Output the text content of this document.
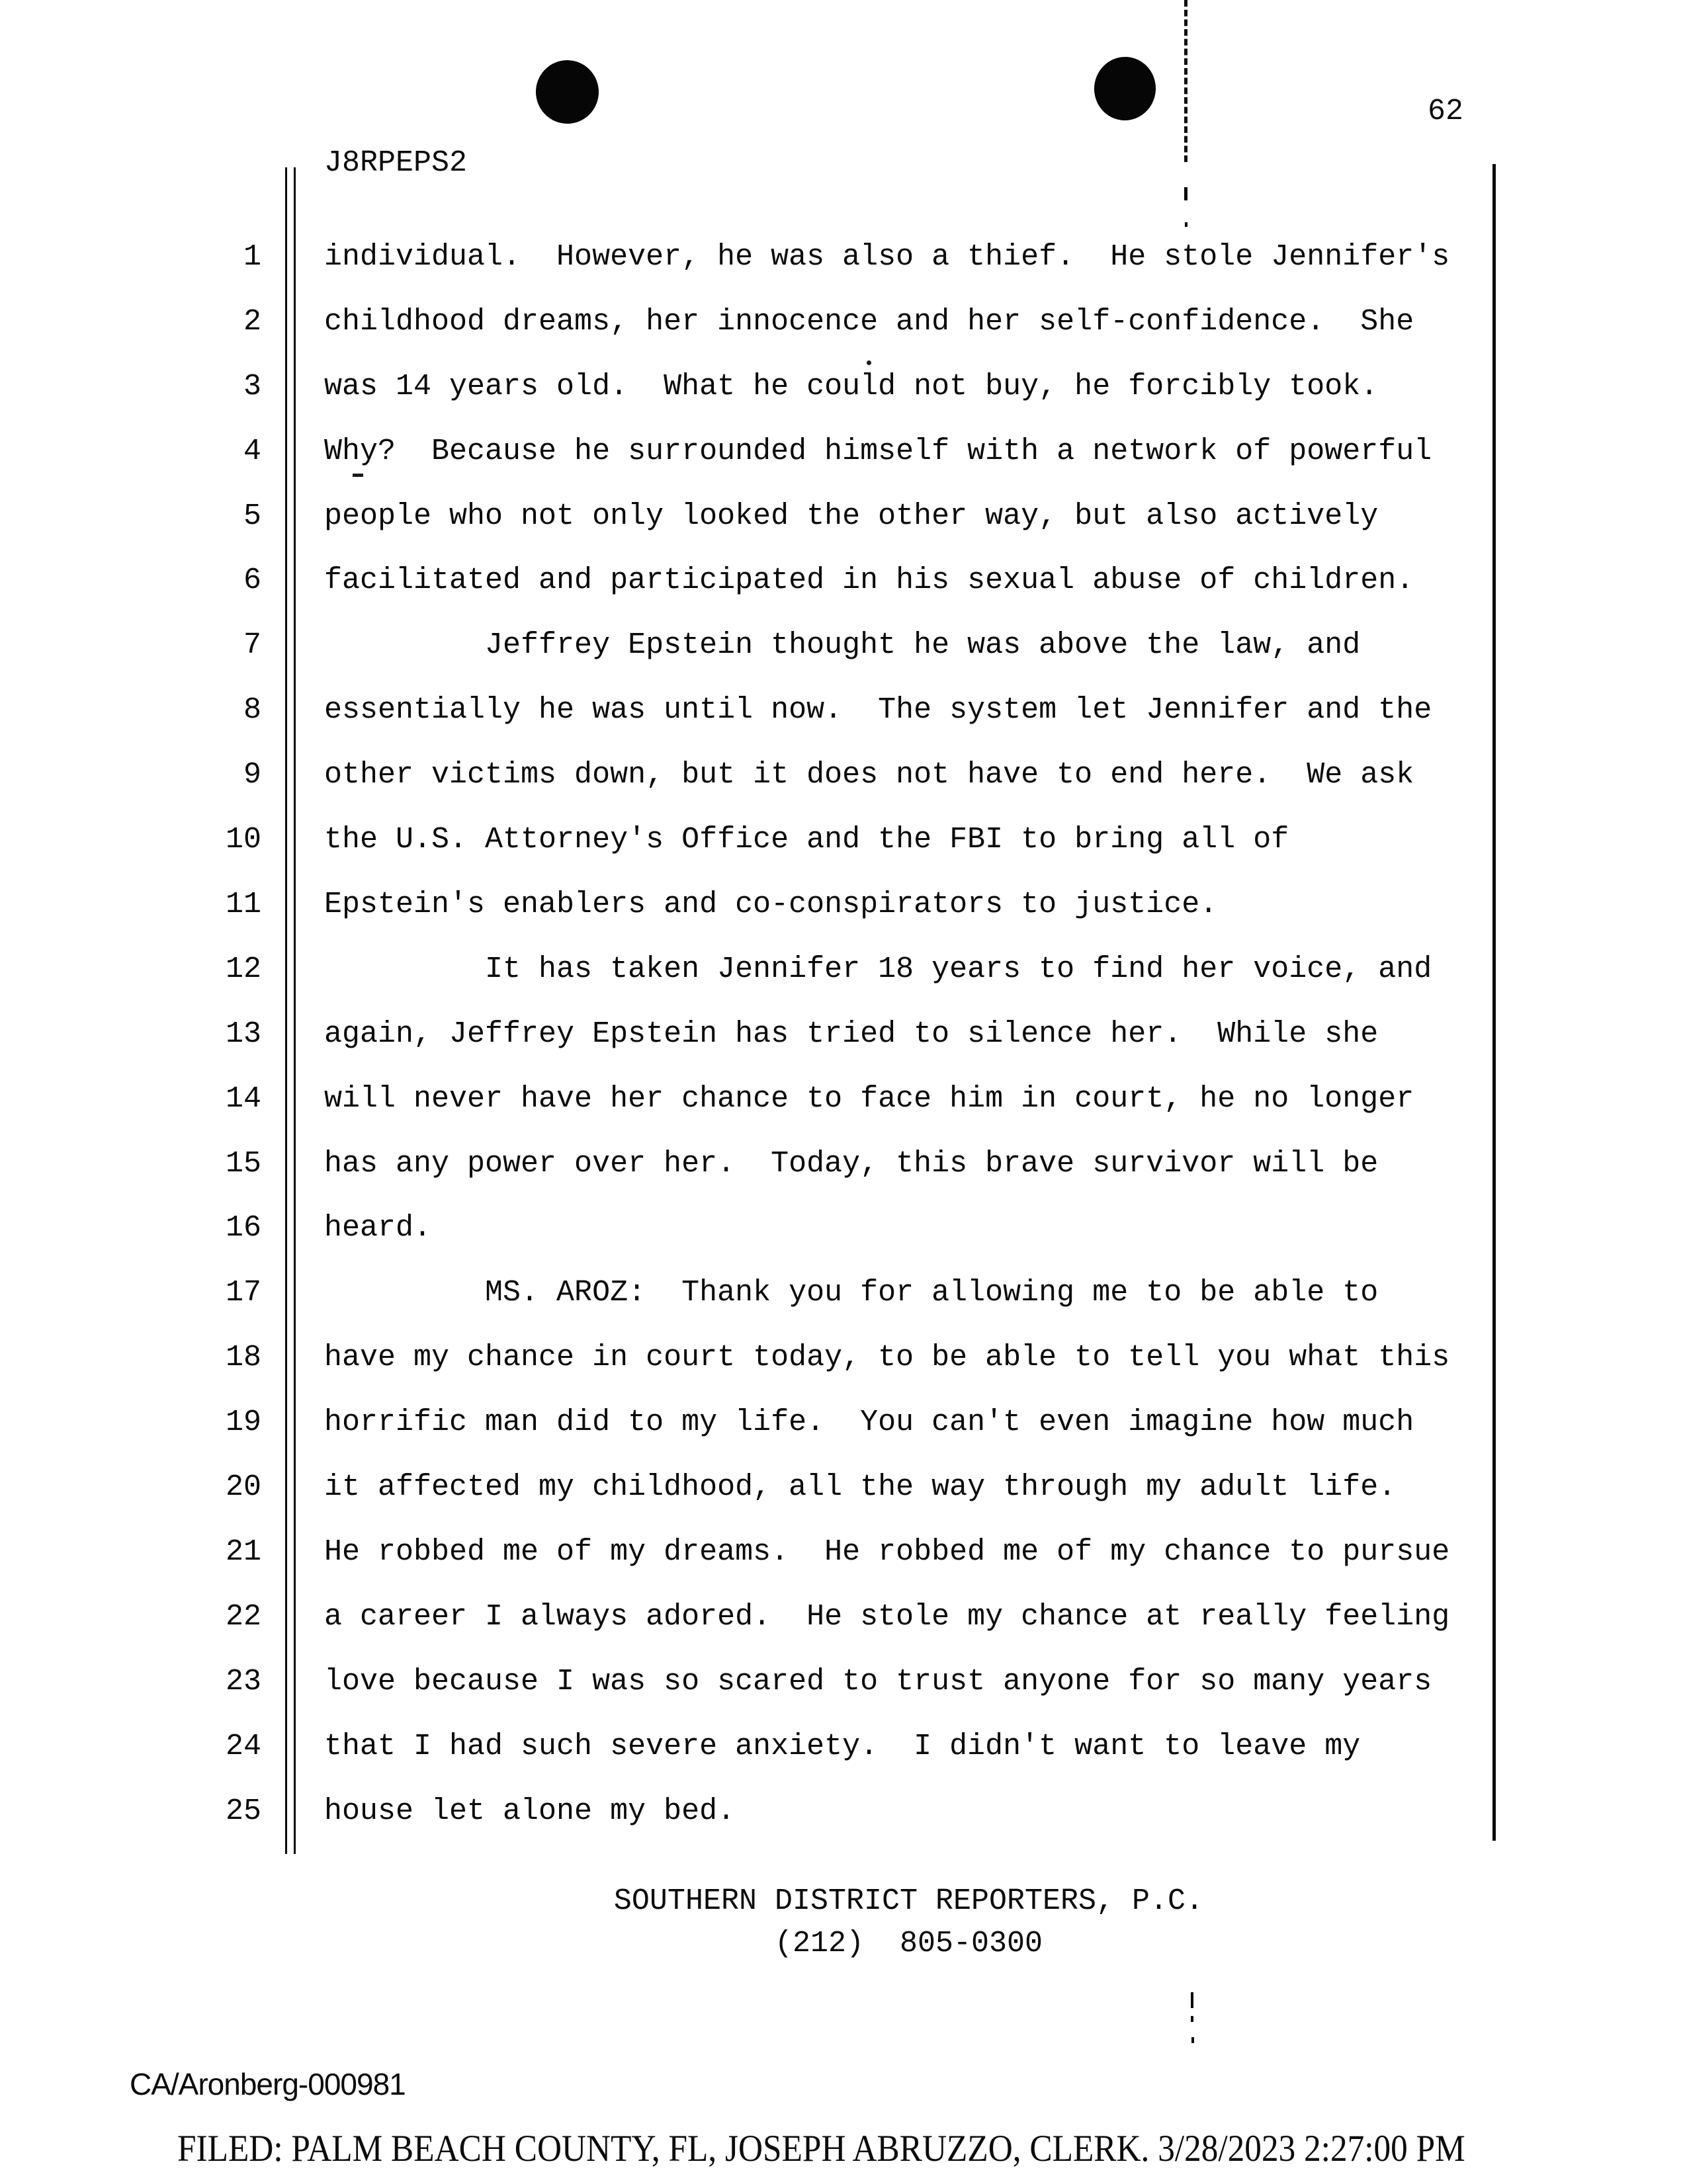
62
J8RPEPS2
1 individual.  However, he was also a thief.  He stole Jennifer's
2 childhood dreams, her innocence and her self-confidence.  She
3 was 14 years old.  What he could not buy, he forcibly took.
4 Why?  Because he surrounded himself with a network of powerful
5 people who not only looked the other way, but also actively
6 facilitated and participated in his sexual abuse of children.
7 Jeffrey Epstein thought he was above the law, and
8 essentially he was until now.  The system let Jennifer and the
9 other victims down, but it does not have to end here.  We ask
10 the U.S. Attorney's Office and the FBI to bring all of
11 Epstein's enablers and co-conspirators to justice.
12 It has taken Jennifer 18 years to find her voice, and
13 again, Jeffrey Epstein has tried to silence her.  While she
14 will never have her chance to face him in court, he no longer
15 has any power over her.  Today, this brave survivor will be
16 heard.
17 MS. AROZ:  Thank you for allowing me to be able to
18 have my chance in court today, to be able to tell you what this
19 horrific man did to my life.  You can't even imagine how much
20 it affected my childhood, all the way through my adult life.
21 He robbed me of my dreams.  He robbed me of my chance to pursue
22 a career I always adored.  He stole my chance at really feeling
23 love because I was so scared to trust anyone for so many years
24 that I had such severe anxiety.  I didn't want to leave my
25 house let alone my bed.
SOUTHERN DISTRICT REPORTERS, P.C.
(212)  805-0300
CA/Aronberg-000981
FILED: PALM BEACH COUNTY, FL, JOSEPH ABRUZZO, CLERK. 3/28/2023 2:27:00 PM
